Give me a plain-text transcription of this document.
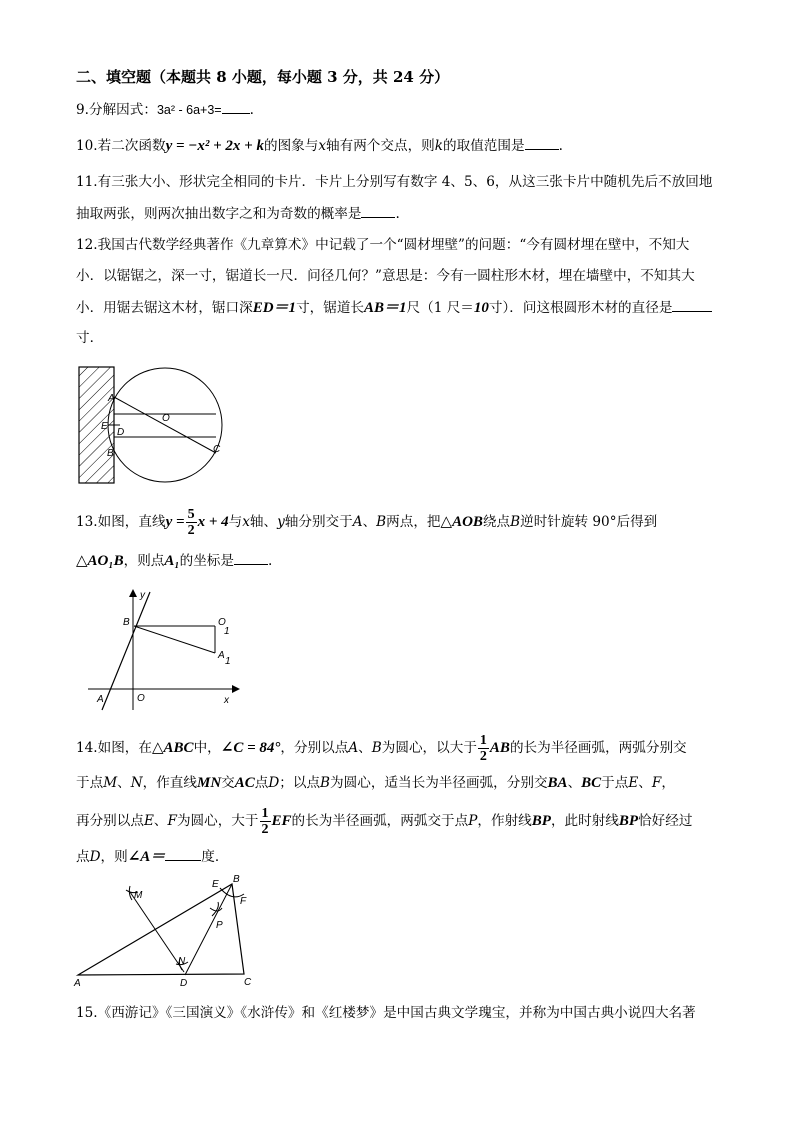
二、填空题（本题共 8 小题，每小题 3 分，共 24 分）
9.分解因式：3a² - 6a+3= .
10.若二次函数y = −x² + 2x + k的图象与x轴有两个交点，则k的取值范围是	.
11.有三张大小、形状完全相同的卡片．卡片上分别写有数字 4、5、6，从这三张卡片中随机先后不放回地
抽取两张，则两次抽出数字之和为奇数的概率是	.
12.我国古代数学经典著作《九章算术》中记载了一个“圆材埋壁”的问题：“今有圆材埋在壁中，不知大
小．以锯锯之，深一寸，锯道长一尺．问径几何？”意思是：今有一圆柱形木材，埋在墙壁中，不知其大
小．用锯去锯这木材，锯口深ED＝1寸，锯道长AB＝1尺（1 尺＝10寸）．问这根圆形木材的直径是
寸．
A
E
D
O
B	C
13.如图，直线$y = \frac{5}{2}$ x + 4与x轴、y轴分别交于A、B两点，把△AOB绕点B逆时针旋转 90°后得到
△AO₁B，则点A₁的坐标是	.
y
B	O
1
A
1
A	O	x
14.如图，在△ABC中，∠C = 84°，分别以点A、B为圆心，以大于 $\frac{1}{2}$ AB的长为半径画弧，两弧分别交
于点M、N，作直线MN交AC点D；以点B为圆心，适当长为半径画弧，分别交BA、BC于点E、F，
再分别以点E、F为圆心，大于 $\frac{1}{2}$ EF的长为半径画弧，两弧交于点P，作射线BP，此时射线BP恰好经过
点D，则∠A＝	度．
M
E B
F
P
N
A	D	C
15.《西游记》《三国演义》《水浒传》和《红楼梦》是中国古典文学瑰宝，并称为中国古典小说四大名著
